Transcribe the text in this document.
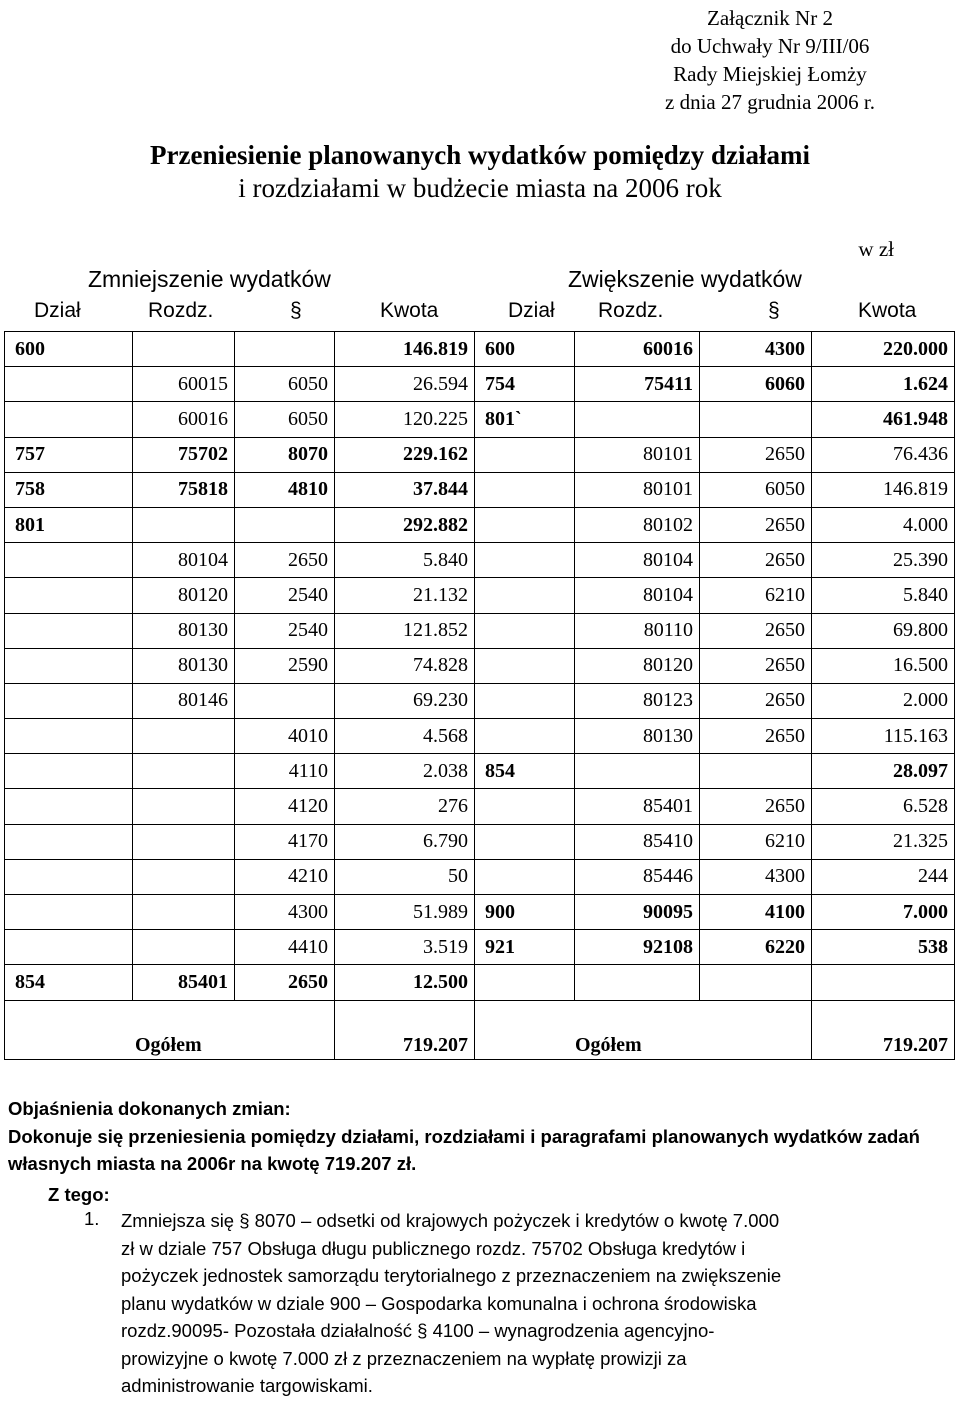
Załącznik Nr 2
do Uchwały Nr 9/III/06
Rady Miejskiej Łomży
z dnia 27 grudnia 2006 r.
Przeniesienie planowanych wydatków pomiędzy działami
i rozdziałami w budżecie miasta na 2006 rok
w zł
Zmniejszenie wydatków	Zwiększenie wydatków
Dział	Rozdz.	§	Kwota	Dział Rozdz.	§	Kwota
600			146.819	600	60016	4300	220.000
	60015	6050	26.594	754	75411	6060	1.624
	60016	6050	120.225	801`			461.948
757	75702	8070	229.162		80101	2650	76.436
758	75818	4810	37.844		80101	6050	146.819
801			292.882		80102	2650	4.000
	80104	2650	5.840		80104	2650	25.390
	80120	2540	21.132		80104	6210	5.840
	80130	2540	121.852		80110	2650	69.800
	80130	2590	74.828		80120	2650	16.500
	80146		69.230		80123	2650	2.000
		4010	4.568		80130	2650	115.163
		4110	2.038	854			28.097
		4120	276		85401	2650	6.528
		4170	6.790		85410	6210	21.325
		4210	50		85446	4300	244
		4300	51.989	900	90095	4100	7.000
		4410	3.519	921	92108	6220	538
854	85401	2650	12.500				
Ogółem			719.207	Ogółem			719.207
Objaśnienia dokonanych zmian:
Dokonuje się przeniesienia pomiędzy działami, rozdziałami i paragrafami planowanych wydatków zadań własnych miasta na 2006r na kwotę 719.207 zł.
Z tego:
1. Zmniejsza się § 8070 – odsetki od krajowych pożyczek i kredytów o kwotę 7.000
zł w dziale 757 Obsługa długu publicznego rozdz. 75702 Obsługa kredytów i
pożyczek jednostek samorządu terytorialnego z przeznaczeniem na zwiększenie
planu wydatków w dziale 900 – Gospodarka komunalna i ochrona środowiska
rozdz.90095- Pozostała działalność § 4100 – wynagrodzenia agencyjno-
prowizyjne o kwotę 7.000 zł z przeznaczeniem na wypłatę prowizji za
administrowanie targowiskami.
